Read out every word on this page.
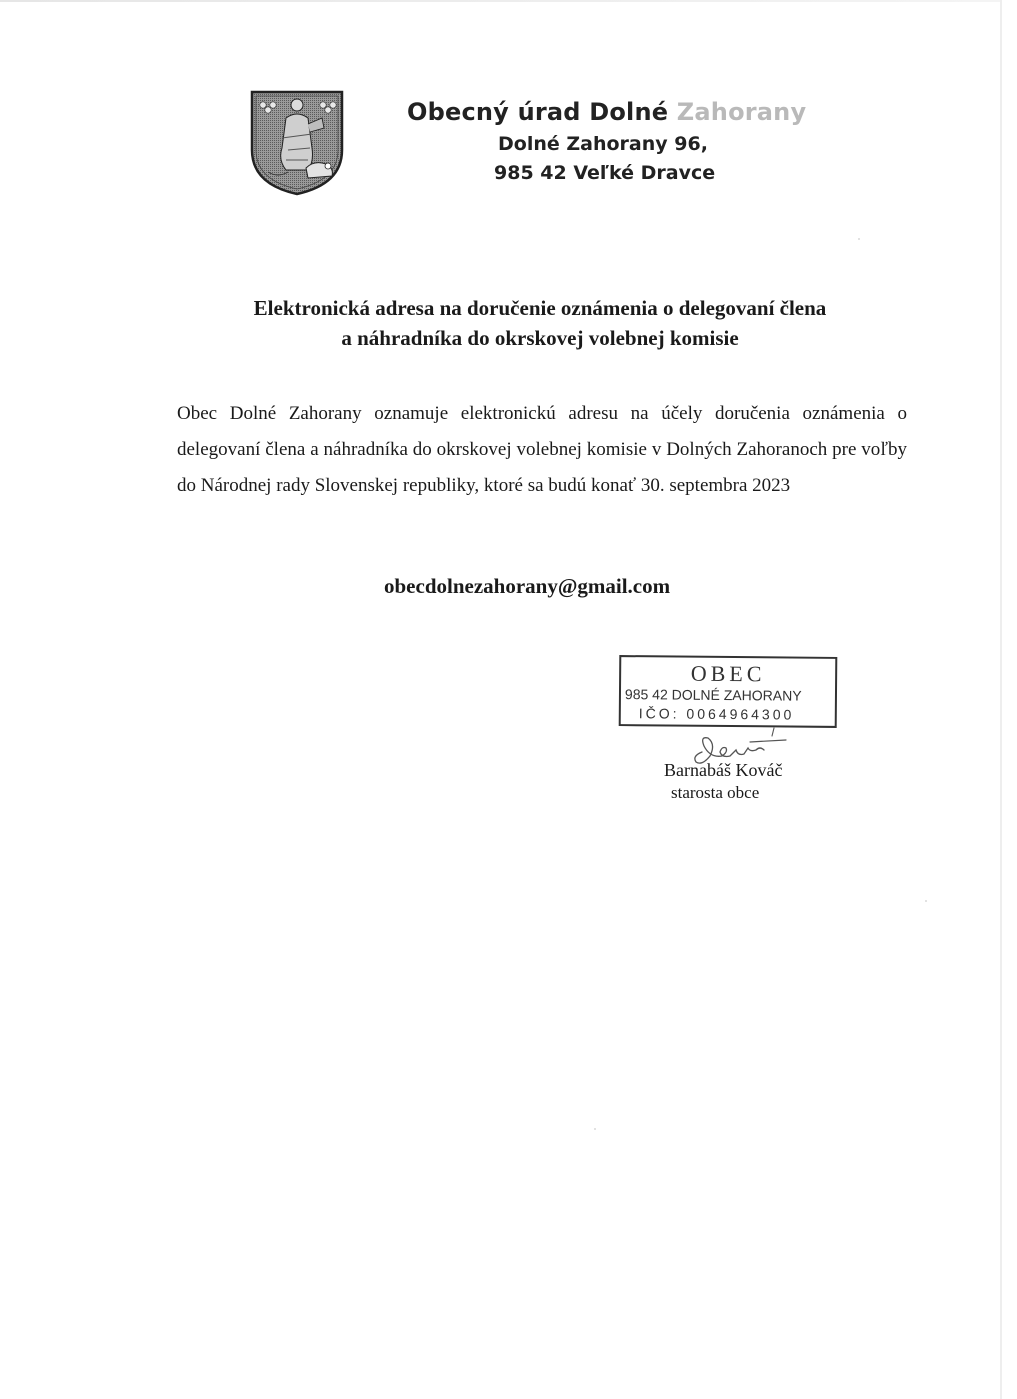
Obecný úrad Dolné Zahorany
Dolné Zahorany 96,
985 42 Veľké Dravce
Elektronická adresa na doručenie oznámenia o delegovaní člena
a náhradníka do okrskovej volebnej komisie
Obec Dolné Zahorany oznamuje elektronickú adresu na účely doručenia oznámenia o delegovaní člena a náhradníka do okrskovej volebnej komisie v Dolných Zahoranoch pre voľby do Národnej rady Slovenskej republiky, ktoré sa budú konať 30. septembra 2023
obecdolnezahorany@gmail.com
OBEC
985 42 DOLNÉ ZAHORANY
IČO: 0064964300
Barnabáš Kováč
starosta obce
